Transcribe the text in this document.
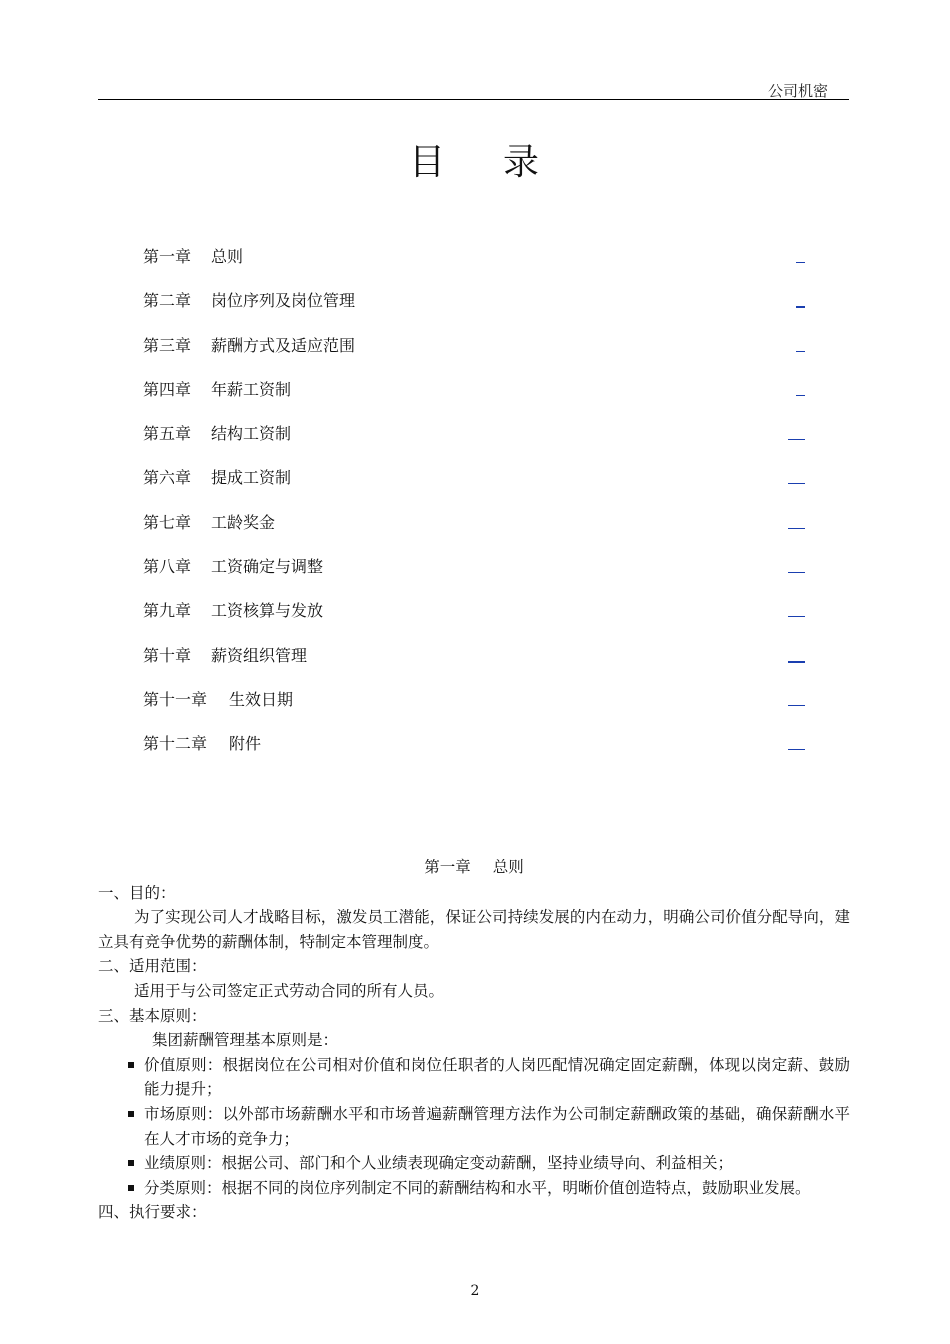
公司机密
目 录
第一章 总则
第二章 岗位序列及岗位管理
第三章 薪酬方式及适应范围
第四章 年薪工资制
第五章 结构工资制
第六章 提成工资制
第七章 工龄奖金
第八章 工资确定与调整
第九章 工资核算与发放
第十章 薪资组织管理
第十一章 生效日期
第十二章 附件
第一章 总则

一、目的：

为了实现公司人才战略目标，激发员工潜能，保证公司持续发展的内在动力，明确公司价值分配导向，建立具有竞争优势的薪酬体制，特制定本管理制度。

二、适用范围：

适用于与公司签定正式劳动合同的所有人员。

三、基本原则：

集团薪酬管理基本原则是：

价值原则：根据岗位在公司相对价值和岗位任职者的人岗匹配情况确定固定薪酬，体现以岗定薪、鼓励能力提升；
市场原则：以外部市场薪酬水平和市场普遍薪酬管理方法作为公司制定薪酬政策的基础，确保薪酬水平在人才市场的竞争力；
业绩原则：根据公司、部门和个人业绩表现确定变动薪酬，坚持业绩导向、利益相关；
分类原则：根据不同的岗位序列制定不同的薪酬结构和水平，明晰价值创造特点，鼓励职业发展。

四、执行要求：

2
